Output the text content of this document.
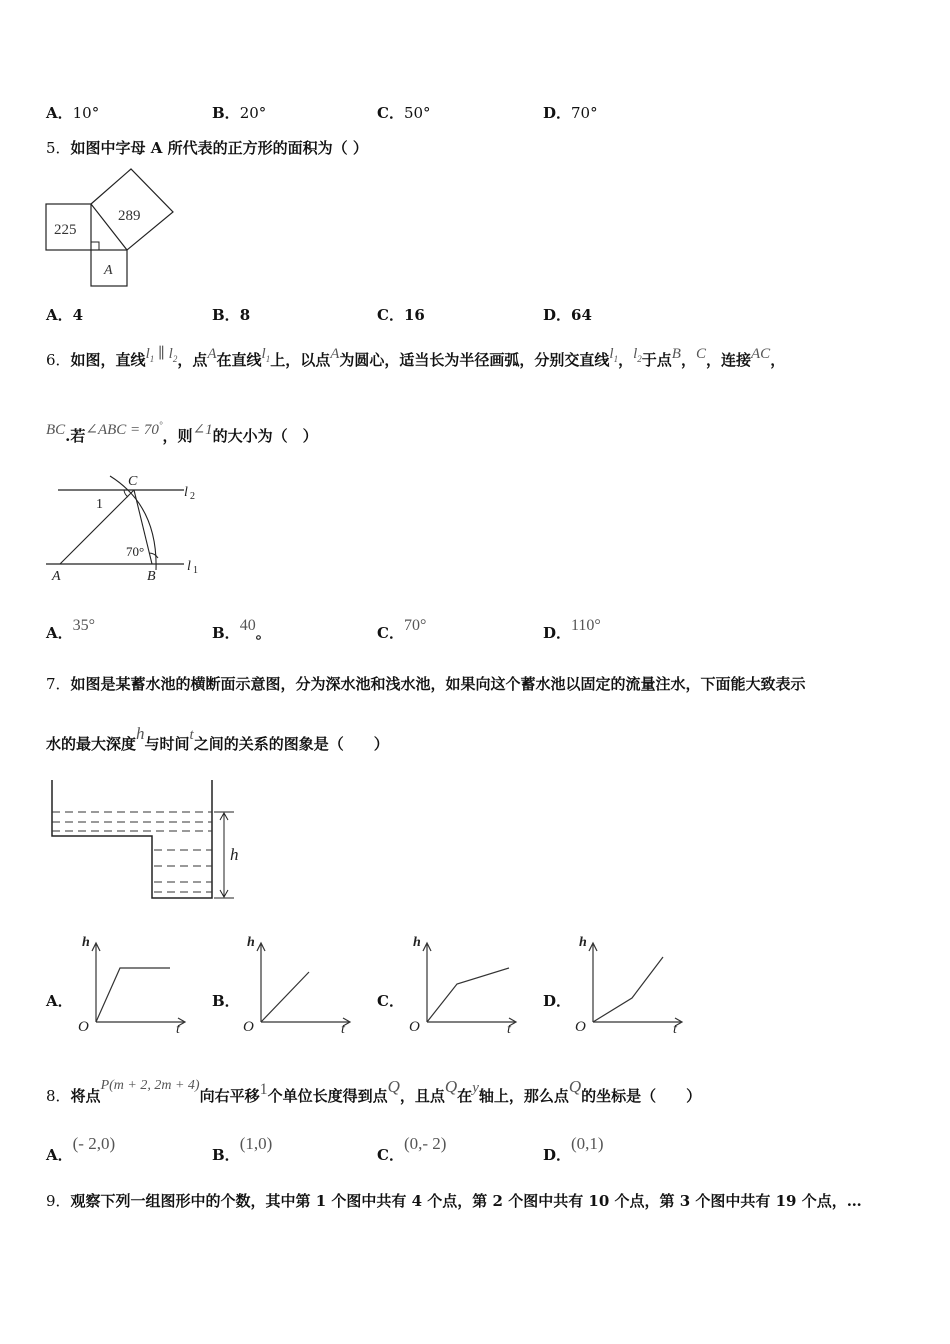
A．10°	B．20°	C．50°	D．70°
5．如图中字母 A 所代表的正方形的面积为（ ）
225
289
A
A．4	B．8	C．16	D．64
6．如图，直线$l_1$ ∥ $l_2$，点A在直线$l_1$上，以点A为圆心，适当长为半径画弧，分别交直线$l_1$，$l_2$于点B，C，连接AC，
BC.若∠ABC = 70°，则∠1的大小为（　）
C
l 2
1
70°
A	B
l 1
A．35°	B．40。	C．70°	D．110°
7．如图是某蓄水池的横断面示意图，分为深水池和浅水池，如果向这个蓄水池以固定的流量注水，下面能大致表示
水的最大深度h与时间t之间的关系的图象是（　　）
h
A．	B．	C．	D．
h
O	t
h
O	t
h
O	t
h
O	t
8．将点P(m + 2, 2m + 4)向右平移1个单位长度得到点Q，且点Q在y轴上，那么点Q的坐标是（　　）
A．(- 2,0)
B．(1,0)
C．(0,- 2)
D．(0,1)
9．观察下列一组图形中的个数，其中第 1 个图中共有 4 个点，第 2 个图中共有 10 个点，第 3 个图中共有 19 个点，…
